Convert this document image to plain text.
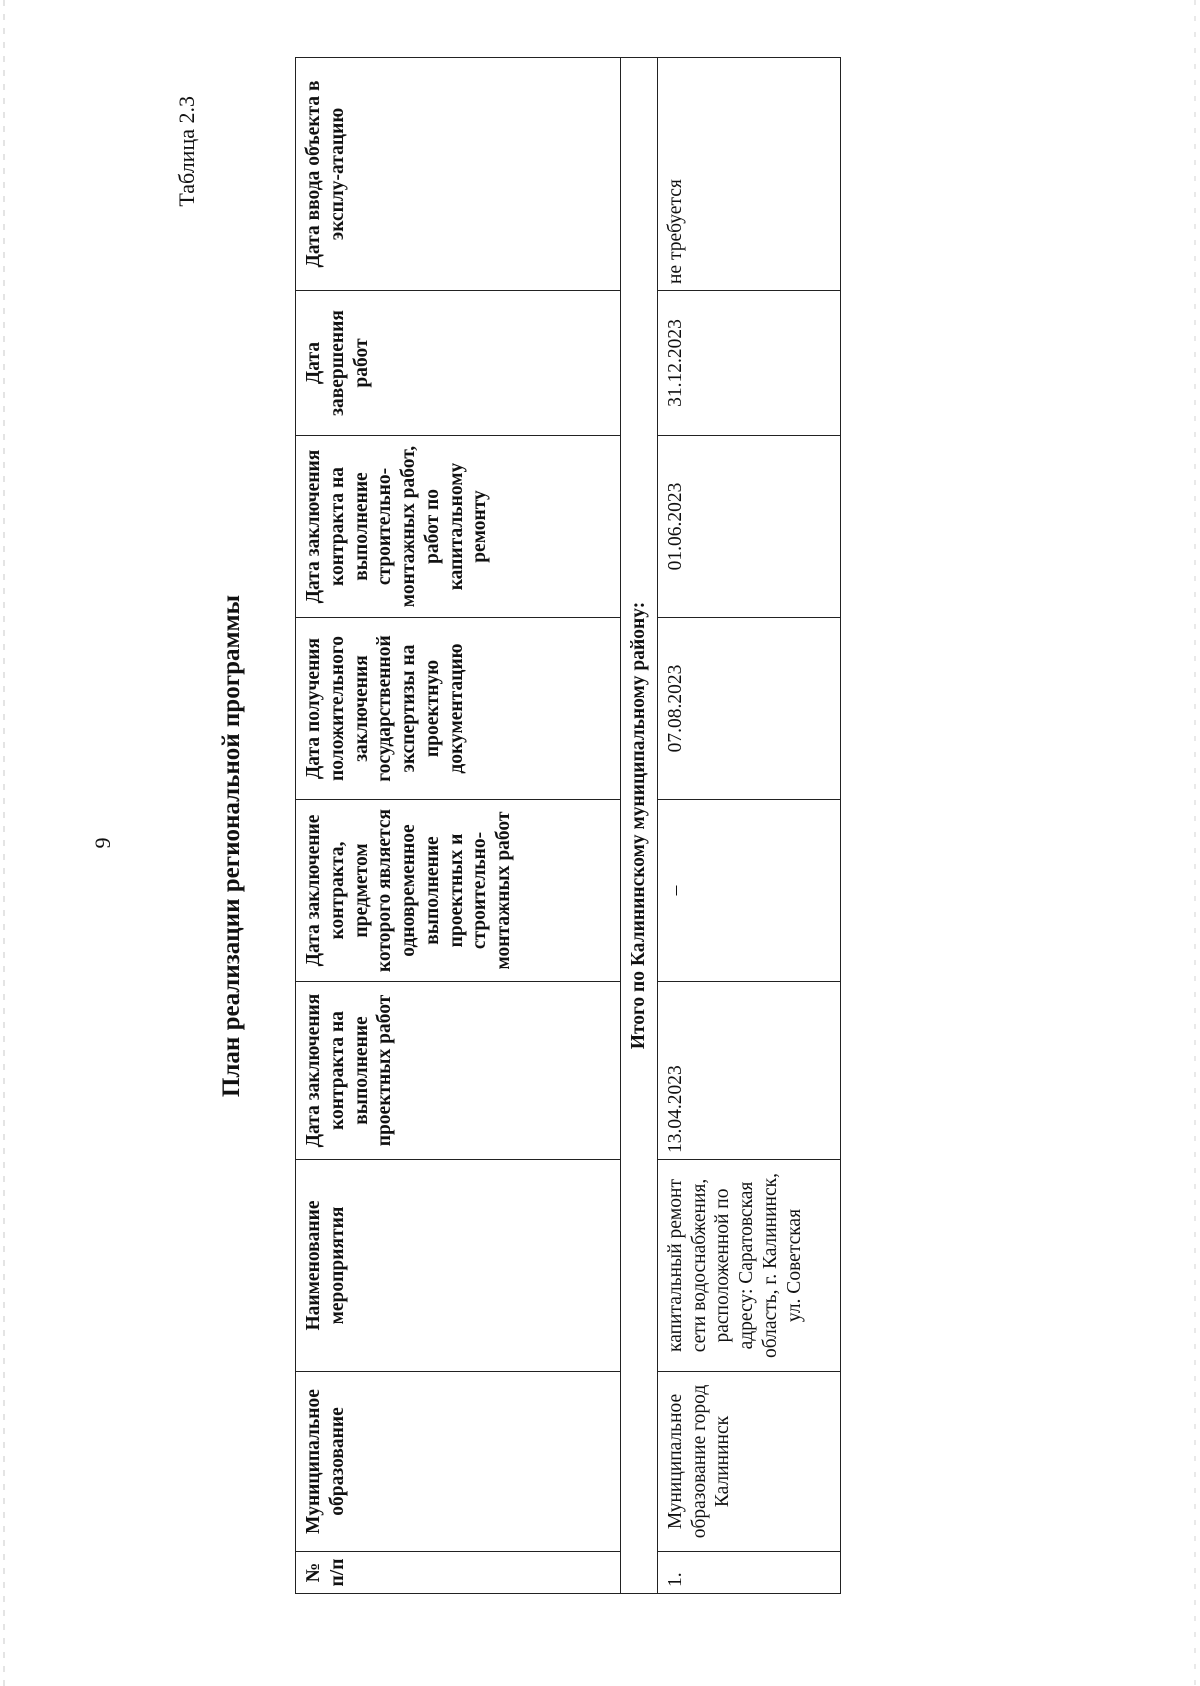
9
Таблица 2.3
План реализации региональной программы
№ п/п	Муниципальное образование	Наименование мероприятия	Дата заключения контракта на выполнение проектных работ	Дата заключение контракта, предметом которого является одновременное выполнение проектных и строительно-монтажных работ	Дата получения положительного заключения государственной экспертизы на проектную документацию	Дата заключения контракта на выполнение строительно-монтажных работ, работ по капитальному ремонту	Дата завершения работ	Дата ввода объекта в эксплу-атацию
Итого по Калининскому муниципальному району:								
1.	Муниципальное образование город Калининск	капитальный ремонт сети водоснабжения, расположенной по адресу: Саратовская область, г. Калининск, ул. Советская	13.04.2023	–	07.08.2023	01.06.2023	31.12.2023	не требуется
